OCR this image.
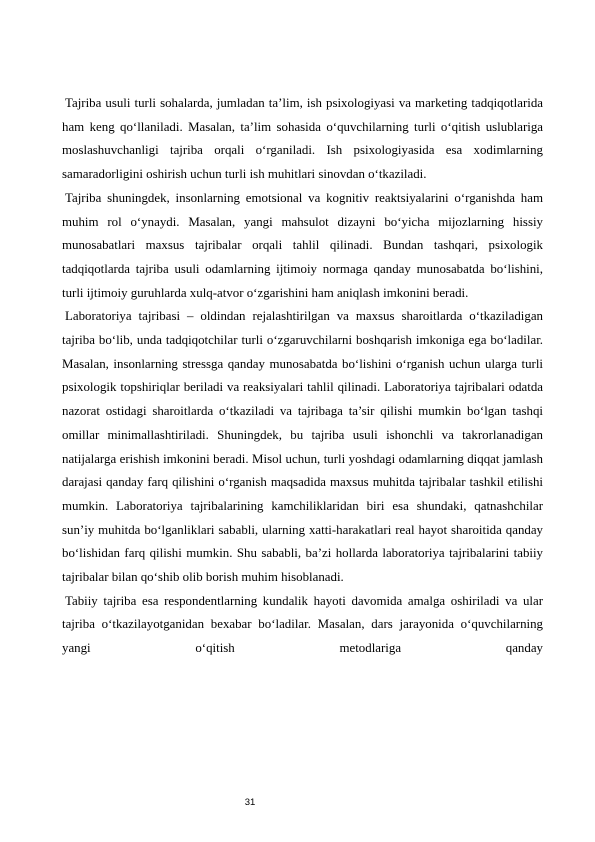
Tajriba usuli turli sohalarda, jumladan ta’lim, ish psixologiyasi va marketing tadqiqotlarida ham keng qo‘llaniladi. Masalan, ta’lim sohasida o‘quvchilarning turli o‘qitish uslublariga moslashuvchanligi tajriba orqali o‘rganiladi. Ish psixologiyasida esa xodimlarning samaradorligini oshirish uchun turli ish muhitlari sinovdan o‘tkaziladi.

Tajriba shuningdek, insonlarning emotsional va kognitiv reaktsiyalarini o‘rganishda ham muhim rol o‘ynaydi. Masalan, yangi mahsulot dizayni bo‘yicha mijozlarning hissiy munosabatlari maxsus tajribalar orqali tahlil qilinadi. Bundan tashqari, psixologik tadqiqotlarda tajriba usuli odamlarning ijtimoiy normaga qanday munosabatda bo‘lishini, turli ijtimoiy guruhlarda xulq-atvor o‘zgarishini ham aniqlash imkonini beradi.

Laboratoriya tajribasi – oldindan rejalashtirilgan va maxsus sharoitlarda o‘tkaziladigan tajriba bo‘lib, unda tadqiqotchilar turli o‘zgaruvchilarni boshqarish imkoniga ega bo‘ladilar. Masalan, insonlarning stressga qanday munosabatda bo‘lishini o‘rganish uchun ularga turli psixologik topshiriqlar beriladi va reaksiyalari tahlil qilinadi. Laboratoriya tajribalari odatda nazorat ostidagi sharoitlarda o‘tkaziladi va tajribaga ta’sir qilishi mumkin bo‘lgan tashqi omillar minimallashtiriladi. Shuningdek, bu tajriba usuli ishonchli va takrorlanadigan natijalarga erishish imkonini beradi. Misol uchun, turli yoshdagi odamlarning diqqat jamlash darajasi qanday farq qilishini o‘rganish maqsadida maxsus muhitda tajribalar tashkil etilishi mumkin. Laboratoriya tajribalarining kamchiliklaridan biri esa shundaki, qatnashchilar sun’iy muhitda bo‘lganliklari sababli, ularning xatti-harakatlari real hayot sharoitida qanday bo‘lishidan farq qilishi mumkin. Shu sababli, ba’zi hollarda laboratoriya tajribalarini tabiiy tajribalar bilan qo‘shib olib borish muhim hisoblanadi.

Tabiiy tajriba esa respondentlarning kundalik hayoti davomida amalga oshiriladi va ular tajriba o‘tkazilayotganidan bexabar bo‘ladilar. Masalan, dars jarayonida o‘quvchilarning yangi o‘qitish metodlariga qanday

31
